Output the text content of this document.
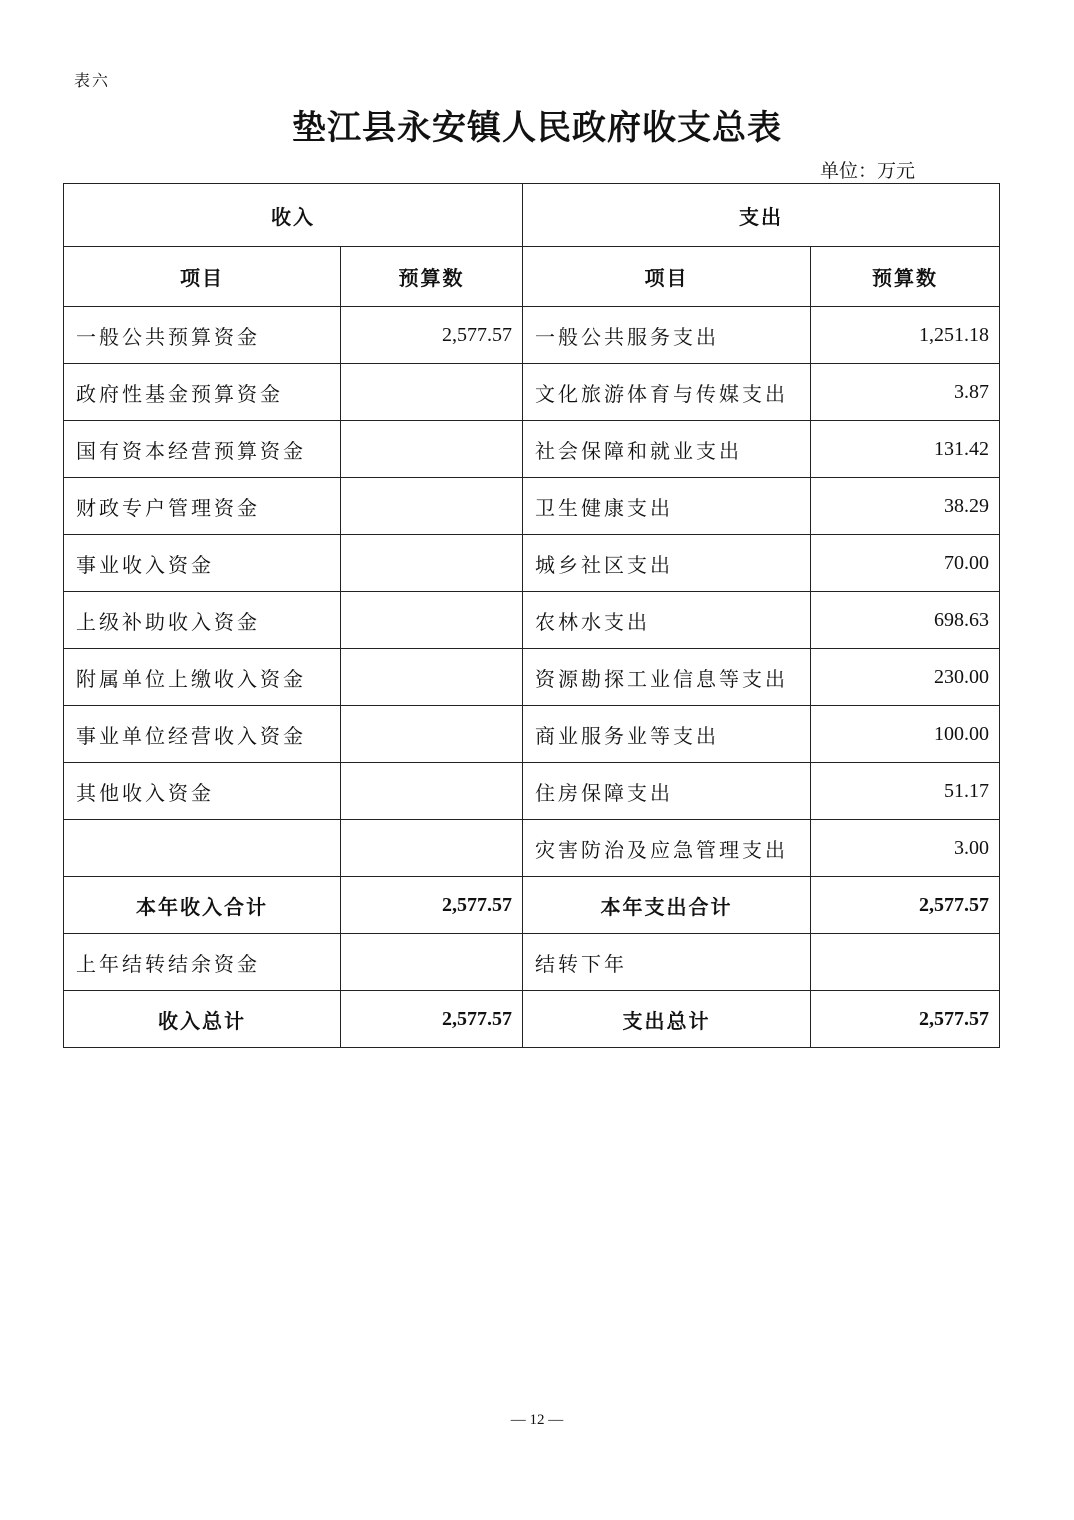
表六
垫江县永安镇人民政府收支总表
单位：万元
收入		支出	
项目	预算数	项目	预算数
一般公共预算资金	2,577.57	一般公共服务支出	1,251.18
政府性基金预算资金		文化旅游体育与传媒支出	3.87
国有资本经营预算资金		社会保障和就业支出	131.42
财政专户管理资金		卫生健康支出	38.29
事业收入资金		城乡社区支出	70.00
上级补助收入资金		农林水支出	698.63
附属单位上缴收入资金		资源勘探工业信息等支出	230.00
事业单位经营收入资金		商业服务业等支出	100.00
其他收入资金		住房保障支出	51.17
		灾害防治及应急管理支出	3.00
本年收入合计	2,577.57	本年支出合计	2,577.57
上年结转结余资金		结转下年	
收入总计	2,577.57	支出总计	2,577.57
— 12 —
